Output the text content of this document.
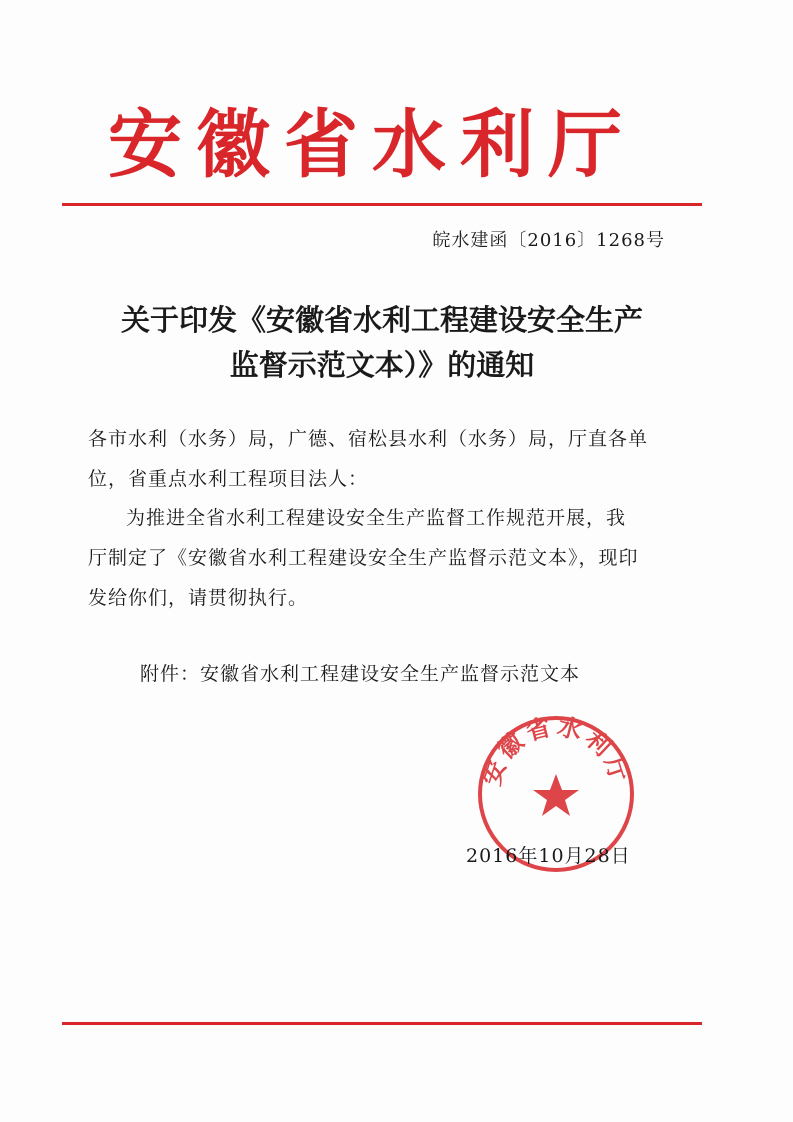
安徽省水利厅
皖水建函〔2016〕1268号
关于印发《安徽省水利工程建设安全生产
监督示范文本）》的通知
各市水利（水务）局，广德、宿松县水利（水务）局，厅直各单
位，省重点水利工程项目法人：
为推进全省水利工程建设安全生产监督工作规范开展，我
厅制定了《安徽省水利工程建设安全生产监督示范文本》，现印
发给你们，请贯彻执行。
附件：安徽省水利工程建设安全生产监督示范文本
安徽省水利厅
2016年10月28日
